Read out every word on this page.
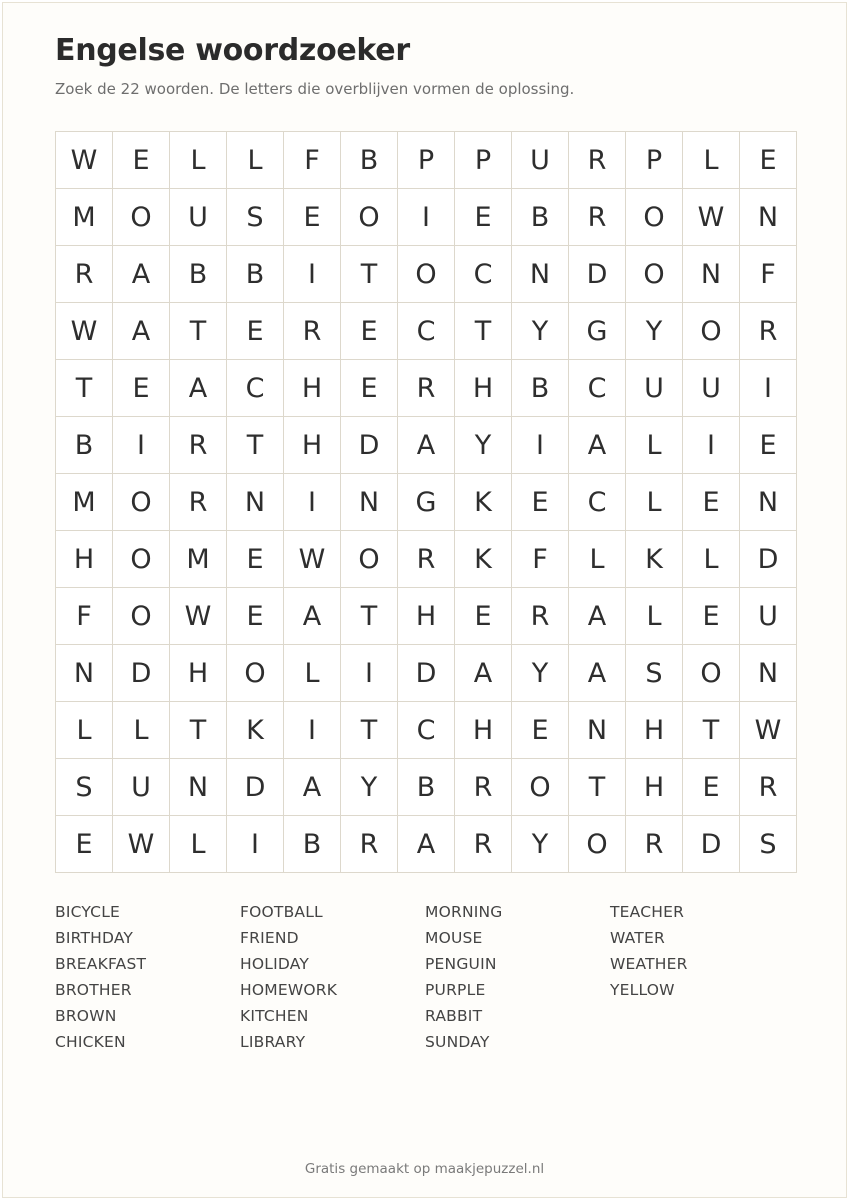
Engelse woordzoeker
Zoek de 22 woorden. De letters die overblijven vormen de oplossing.
W	E	L	L	F	B	P	P	U	R	P	L	E
M	O	U	S	E	O	I	E	B	R	O	W	N
R	A	B	B	I	T	O	C	N	D	O	N	F
W	A	T	E	R	E	C	T	Y	G	Y	O	R
T	E	A	C	H	E	R	H	B	C	U	U	I
B	I	R	T	H	D	A	Y	I	A	L	I	E
M	O	R	N	I	N	G	K	E	C	L	E	N
H	O	M	E	W	O	R	K	F	L	K	L	D
F	O	W	E	A	T	H	E	R	A	L	E	U
N	D	H	O	L	I	D	A	Y	A	S	O	N
L	L	T	K	I	T	C	H	E	N	H	T	W
S	U	N	D	A	Y	B	R	O	T	H	E	R
E	W	L	I	B	R	A	R	Y	O	R	D	S
BICYCLE
BIRTHDAY
BREAKFAST
BROTHER
BROWN
CHICKEN
FOOTBALL
FRIEND
HOLIDAY
HOMEWORK
KITCHEN
LIBRARY
MORNING
MOUSE
PENGUIN
PURPLE
RABBIT
SUNDAY
TEACHER
WATER
WEATHER
YELLOW
Gratis gemaakt op maakjepuzzel.nl
